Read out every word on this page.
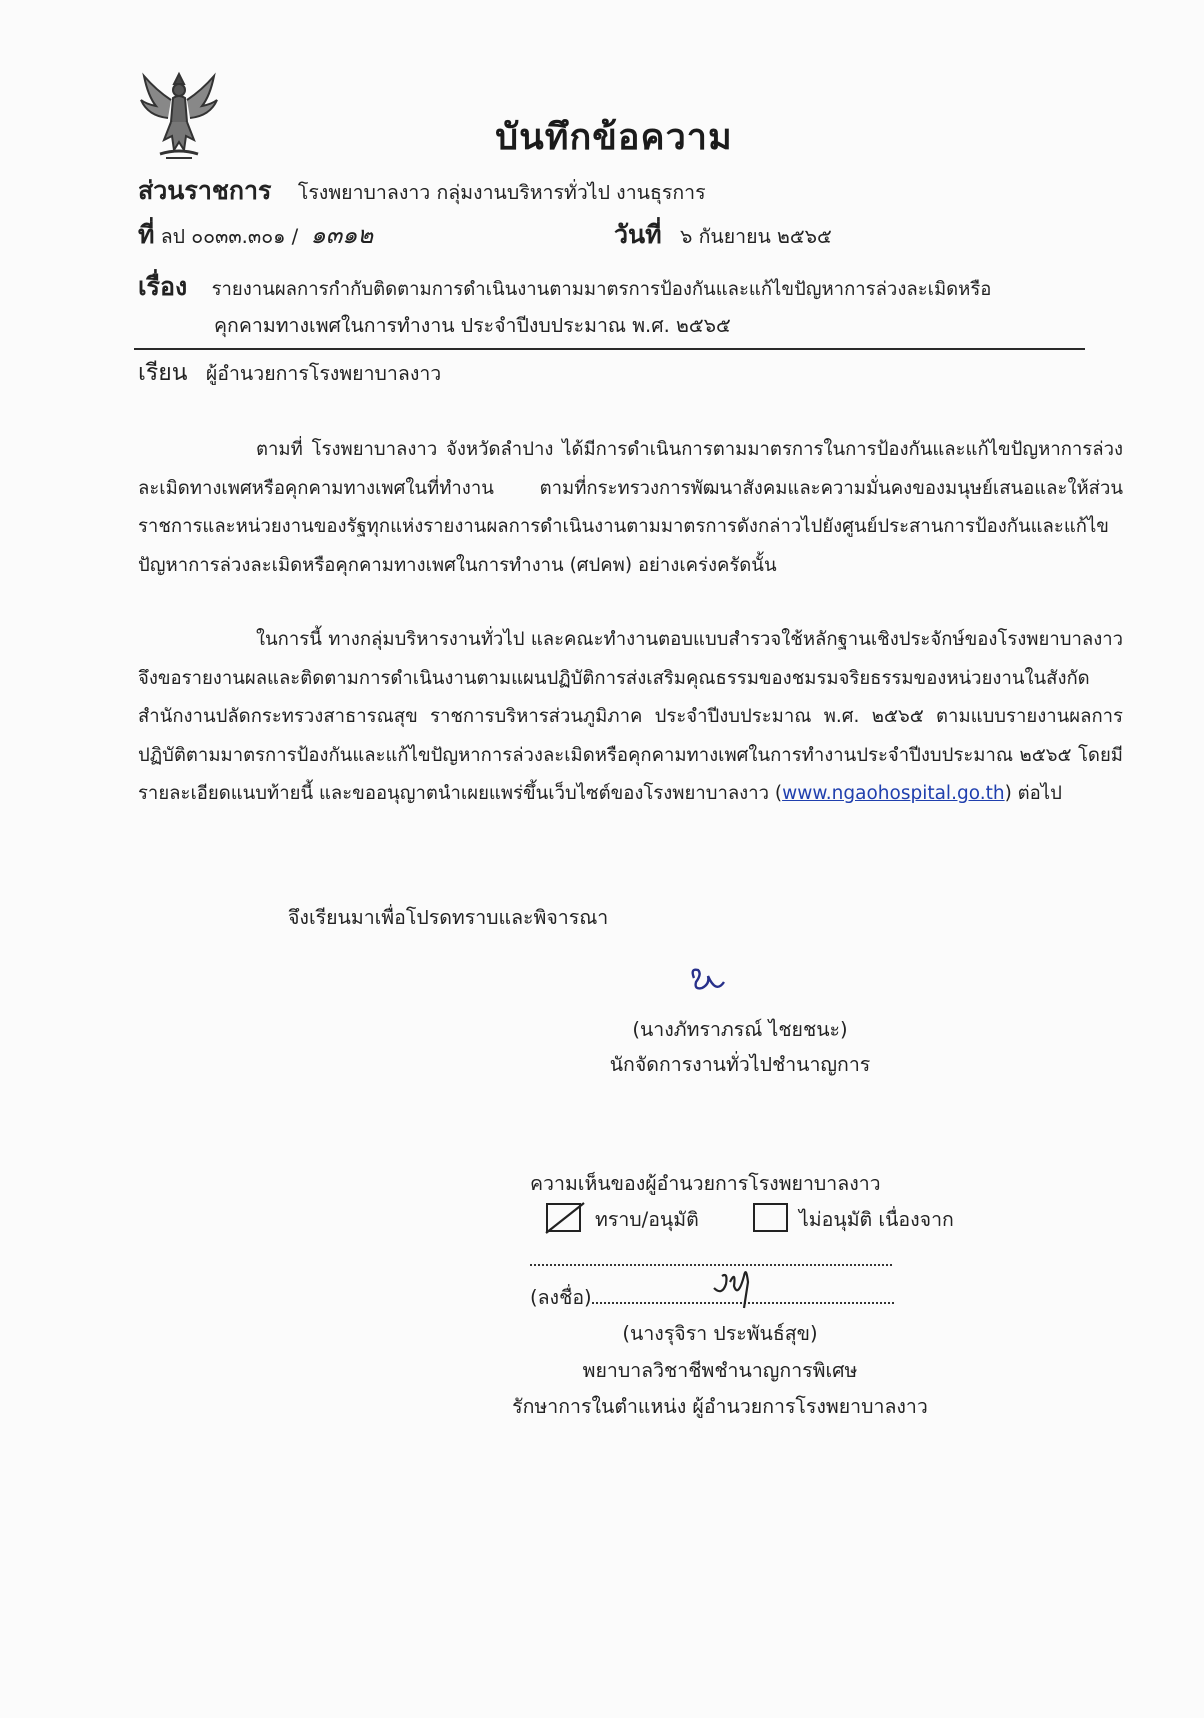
บันทึกข้อความ
ส่วนราชการ โรงพยาบาลงาว กลุ่มงานบริหารทั่วไป งานธุรการ
ที่ ลป ๐๐๓๓.๓๐๑ / ๑๓๑๒	วันที่ ๖ กันยายน ๒๕๖๕
เรื่อง รายงานผลการกำกับติดตามการดำเนินงานตามมาตรการป้องกันและแก้ไขปัญหาการล่วงละเมิดหรือ
คุกคามทางเพศในการทำงาน ประจำปีงบประมาณ พ.ศ. ๒๕๖๕
เรียน ผู้อำนวยการโรงพยาบาลงาว

ตามที่ โรงพยาบาลงาว จังหวัดลำปาง ได้มีการดำเนินการตามมาตรการในการป้องกันและแก้ไขปัญหาการล่วงละเมิดทางเพศหรือคุกคามทางเพศในที่ทำงาน ตามที่กระทรวงการพัฒนาสังคมและความมั่นคงของมนุษย์เสนอและให้ส่วนราชการและหน่วยงานของรัฐทุกแห่งรายงานผลการดำเนินงานตามมาตรการดังกล่าวไปยังศูนย์ประสานการป้องกันและแก้ไขปัญหาการล่วงละเมิดหรือคุกคามทางเพศในการทำงาน (ศปคพ) อย่างเคร่งครัดนั้น

ในการนี้ ทางกลุ่มบริหารงานทั่วไป และคณะทำงานตอบแบบสำรวจใช้หลักฐานเชิงประจักษ์ของโรงพยาบาลงาว จึงขอรายงานผลและติดตามการดำเนินงานตามแผนปฏิบัติการส่งเสริมคุณธรรมของชมรมจริยธรรมของหน่วยงานในสังกัดสำนักงานปลัดกระทรวงสาธารณสุข ราชการบริหารส่วนภูมิภาค ประจำปีงบประมาณ พ.ศ. ๒๕๖๕ ตามแบบรายงานผลการปฏิบัติตามมาตรการป้องกันและแก้ไขปัญหาการล่วงละเมิดหรือคุกคามทางเพศในการทำงานประจำปีงบประมาณ ๒๕๖๕ โดยมีรายละเอียดแนบท้ายนี้ และขออนุญาตนำเผยแพร่ขึ้นเว็บไซต์ของโรงพยาบาลงาว (www.ngaohospital.go.th) ต่อไป

จึงเรียนมาเพื่อโปรดทราบและพิจารณา
(นางภัทราภรณ์ ไชยชนะ)
นักจัดการงานทั่วไปชำนาญการ
ความเห็นของผู้อำนวยการโรงพยาบาลงาว
ทราบ/อนุมัติ	ไม่อนุมัติ เนื่องจาก
(ลงชื่อ)
(นางรุจิรา ประพันธ์สุข)
พยาบาลวิชาชีพชำนาญการพิเศษ
รักษาการในตำแหน่ง ผู้อำนวยการโรงพยาบาลงาว
